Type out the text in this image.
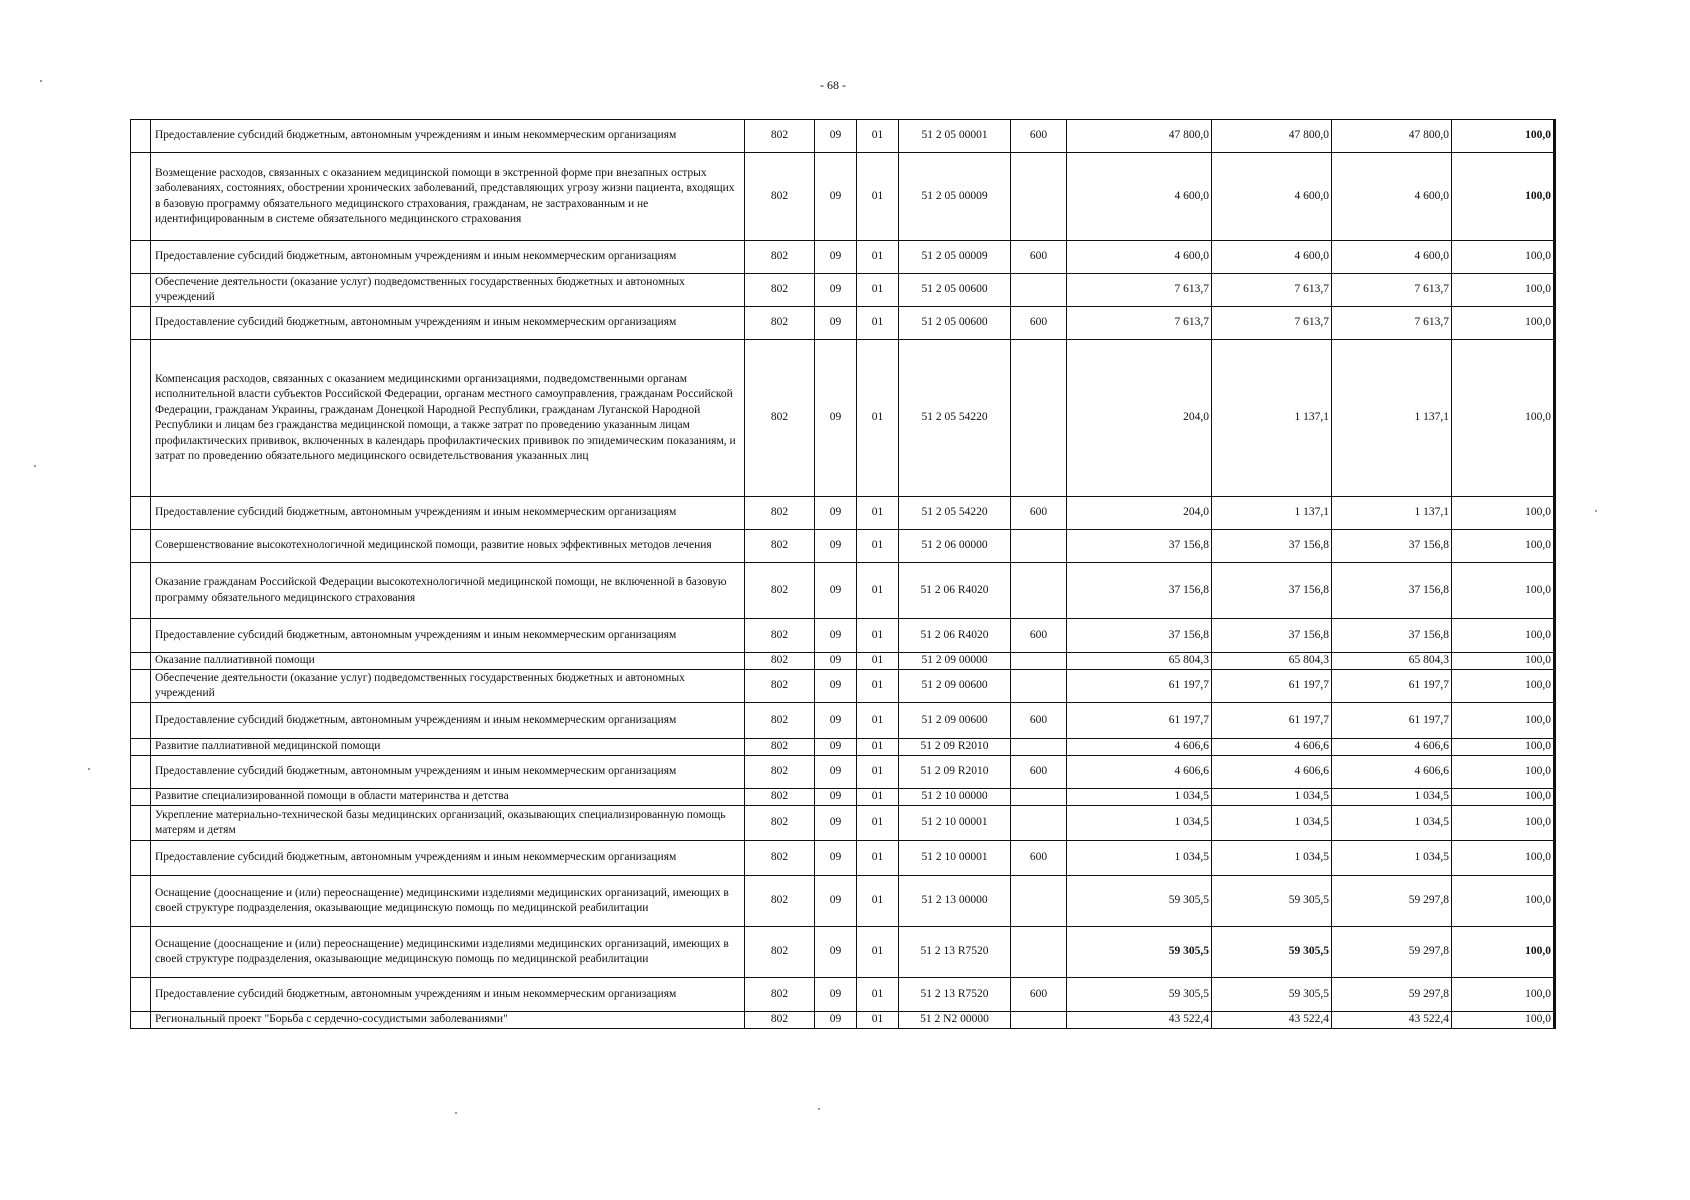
- 68 -
	Предоставление субсидий бюджетным, автономным учреждениям и иным некоммерческим организациям	802	09	01	51 2 05 00001	600	47 800,0	47 800,0	47 800,0	100,0
	Возмещение расходов, связанных с оказанием медицинской помощи в экстренной форме при внезапных острых заболеваниях, состояниях, обострении хронических заболеваний, представляющих угрозу жизни пациента, входящих в базовую программу обязательного медицинского страхования, гражданам, не застрахованным и не идентифицированным в системе обязательного медицинского страхования	802	09	01	51 2 05 00009		4 600,0	4 600,0	4 600,0	100,0
	Предоставление субсидий бюджетным, автономным учреждениям и иным некоммерческим организациям	802	09	01	51 2 05 00009	600	4 600,0	4 600,0	4 600,0	100,0
	Обеспечение деятельности (оказание услуг) подведомственных государственных бюджетных и автономных учреждений	802	09	01	51 2 05 00600		7 613,7	7 613,7	7 613,7	100,0
	Предоставление субсидий бюджетным, автономным учреждениям и иным некоммерческим организациям	802	09	01	51 2 05 00600	600	7 613,7	7 613,7	7 613,7	100,0
	Компенсация расходов, связанных с оказанием медицинскими организациями, подведомственными органам исполнительной власти субъектов Российской Федерации, органам местного самоуправления, гражданам Российской Федерации, гражданам Украины, гражданам Донецкой Народной Республики, гражданам Луганской Народной Республики и лицам без гражданства медицинской помощи, а также затрат по проведению указанным лицам профилактических прививок, включенных в календарь профилактических прививок по эпидемическим показаниям, и затрат по проведению обязательного медицинского освидетельствования указанных лиц	802	09	01	51 2 05 54220		204,0	1 137,1	1 137,1	100,0
	Предоставление субсидий бюджетным, автономным учреждениям и иным некоммерческим организациям	802	09	01	51 2 05 54220	600	204,0	1 137,1	1 137,1	100,0
	Совершенствование высокотехнологичной медицинской помощи, развитие новых эффективных методов лечения	802	09	01	51 2 06 00000		37 156,8	37 156,8	37 156,8	100,0
	Оказание гражданам Российской Федерации высокотехнологичной медицинской помощи, не включенной в базовую программу обязательного медицинского страхования	802	09	01	51 2 06 R4020		37 156,8	37 156,8	37 156,8	100,0
	Предоставление субсидий бюджетным, автономным учреждениям и иным некоммерческим организациям	802	09	01	51 2 06 R4020	600	37 156,8	37 156,8	37 156,8	100,0
	Оказание паллиативной помощи	802	09	01	51 2 09 00000		65 804,3	65 804,3	65 804,3	100,0
	Обеспечение деятельности (оказание услуг) подведомственных государственных бюджетных и автономных учреждений	802	09	01	51 2 09 00600		61 197,7	61 197,7	61 197,7	100,0
	Предоставление субсидий бюджетным, автономным учреждениям и иным некоммерческим организациям	802	09	01	51 2 09 00600	600	61 197,7	61 197,7	61 197,7	100,0
	Развитие паллиативной медицинской помощи	802	09	01	51 2 09 R2010		4 606,6	4 606,6	4 606,6	100,0
	Предоставление субсидий бюджетным, автономным учреждениям и иным некоммерческим организациям	802	09	01	51 2 09 R2010	600	4 606,6	4 606,6	4 606,6	100,0
	Развитие специализированной помощи в области материнства и детства	802	09	01	51 2 10 00000		1 034,5	1 034,5	1 034,5	100,0
	Укрепление материально-технической базы медицинских организаций, оказывающих специализированную помощь матерям и детям	802	09	01	51 2 10 00001		1 034,5	1 034,5	1 034,5	100,0
	Предоставление субсидий бюджетным, автономным учреждениям и иным некоммерческим организациям	802	09	01	51 2 10 00001	600	1 034,5	1 034,5	1 034,5	100,0
	Оснащение (дооснащение и (или) переоснащение) медицинскими изделиями медицинских организаций, имеющих в своей структуре подразделения, оказывающие медицинскую помощь по медицинской реабилитации	802	09	01	51 2 13 00000		59 305,5	59 305,5	59 297,8	100,0
	Оснащение (дооснащение и (или) переоснащение) медицинскими изделиями медицинских организаций, имеющих в своей структуре подразделения, оказывающие медицинскую помощь по медицинской реабилитации	802	09	01	51 2 13 R7520		59 305,5	59 305,5	59 297,8	100,0
	Предоставление субсидий бюджетным, автономным учреждениям и иным некоммерческим организациям	802	09	01	51 2 13 R7520	600	59 305,5	59 305,5	59 297,8	100,0
	Региональный проект "Борьба с сердечно-сосудистыми заболеваниями"	802	09	01	51 2 N2 00000		43 522,4	43 522,4	43 522,4	100,0
